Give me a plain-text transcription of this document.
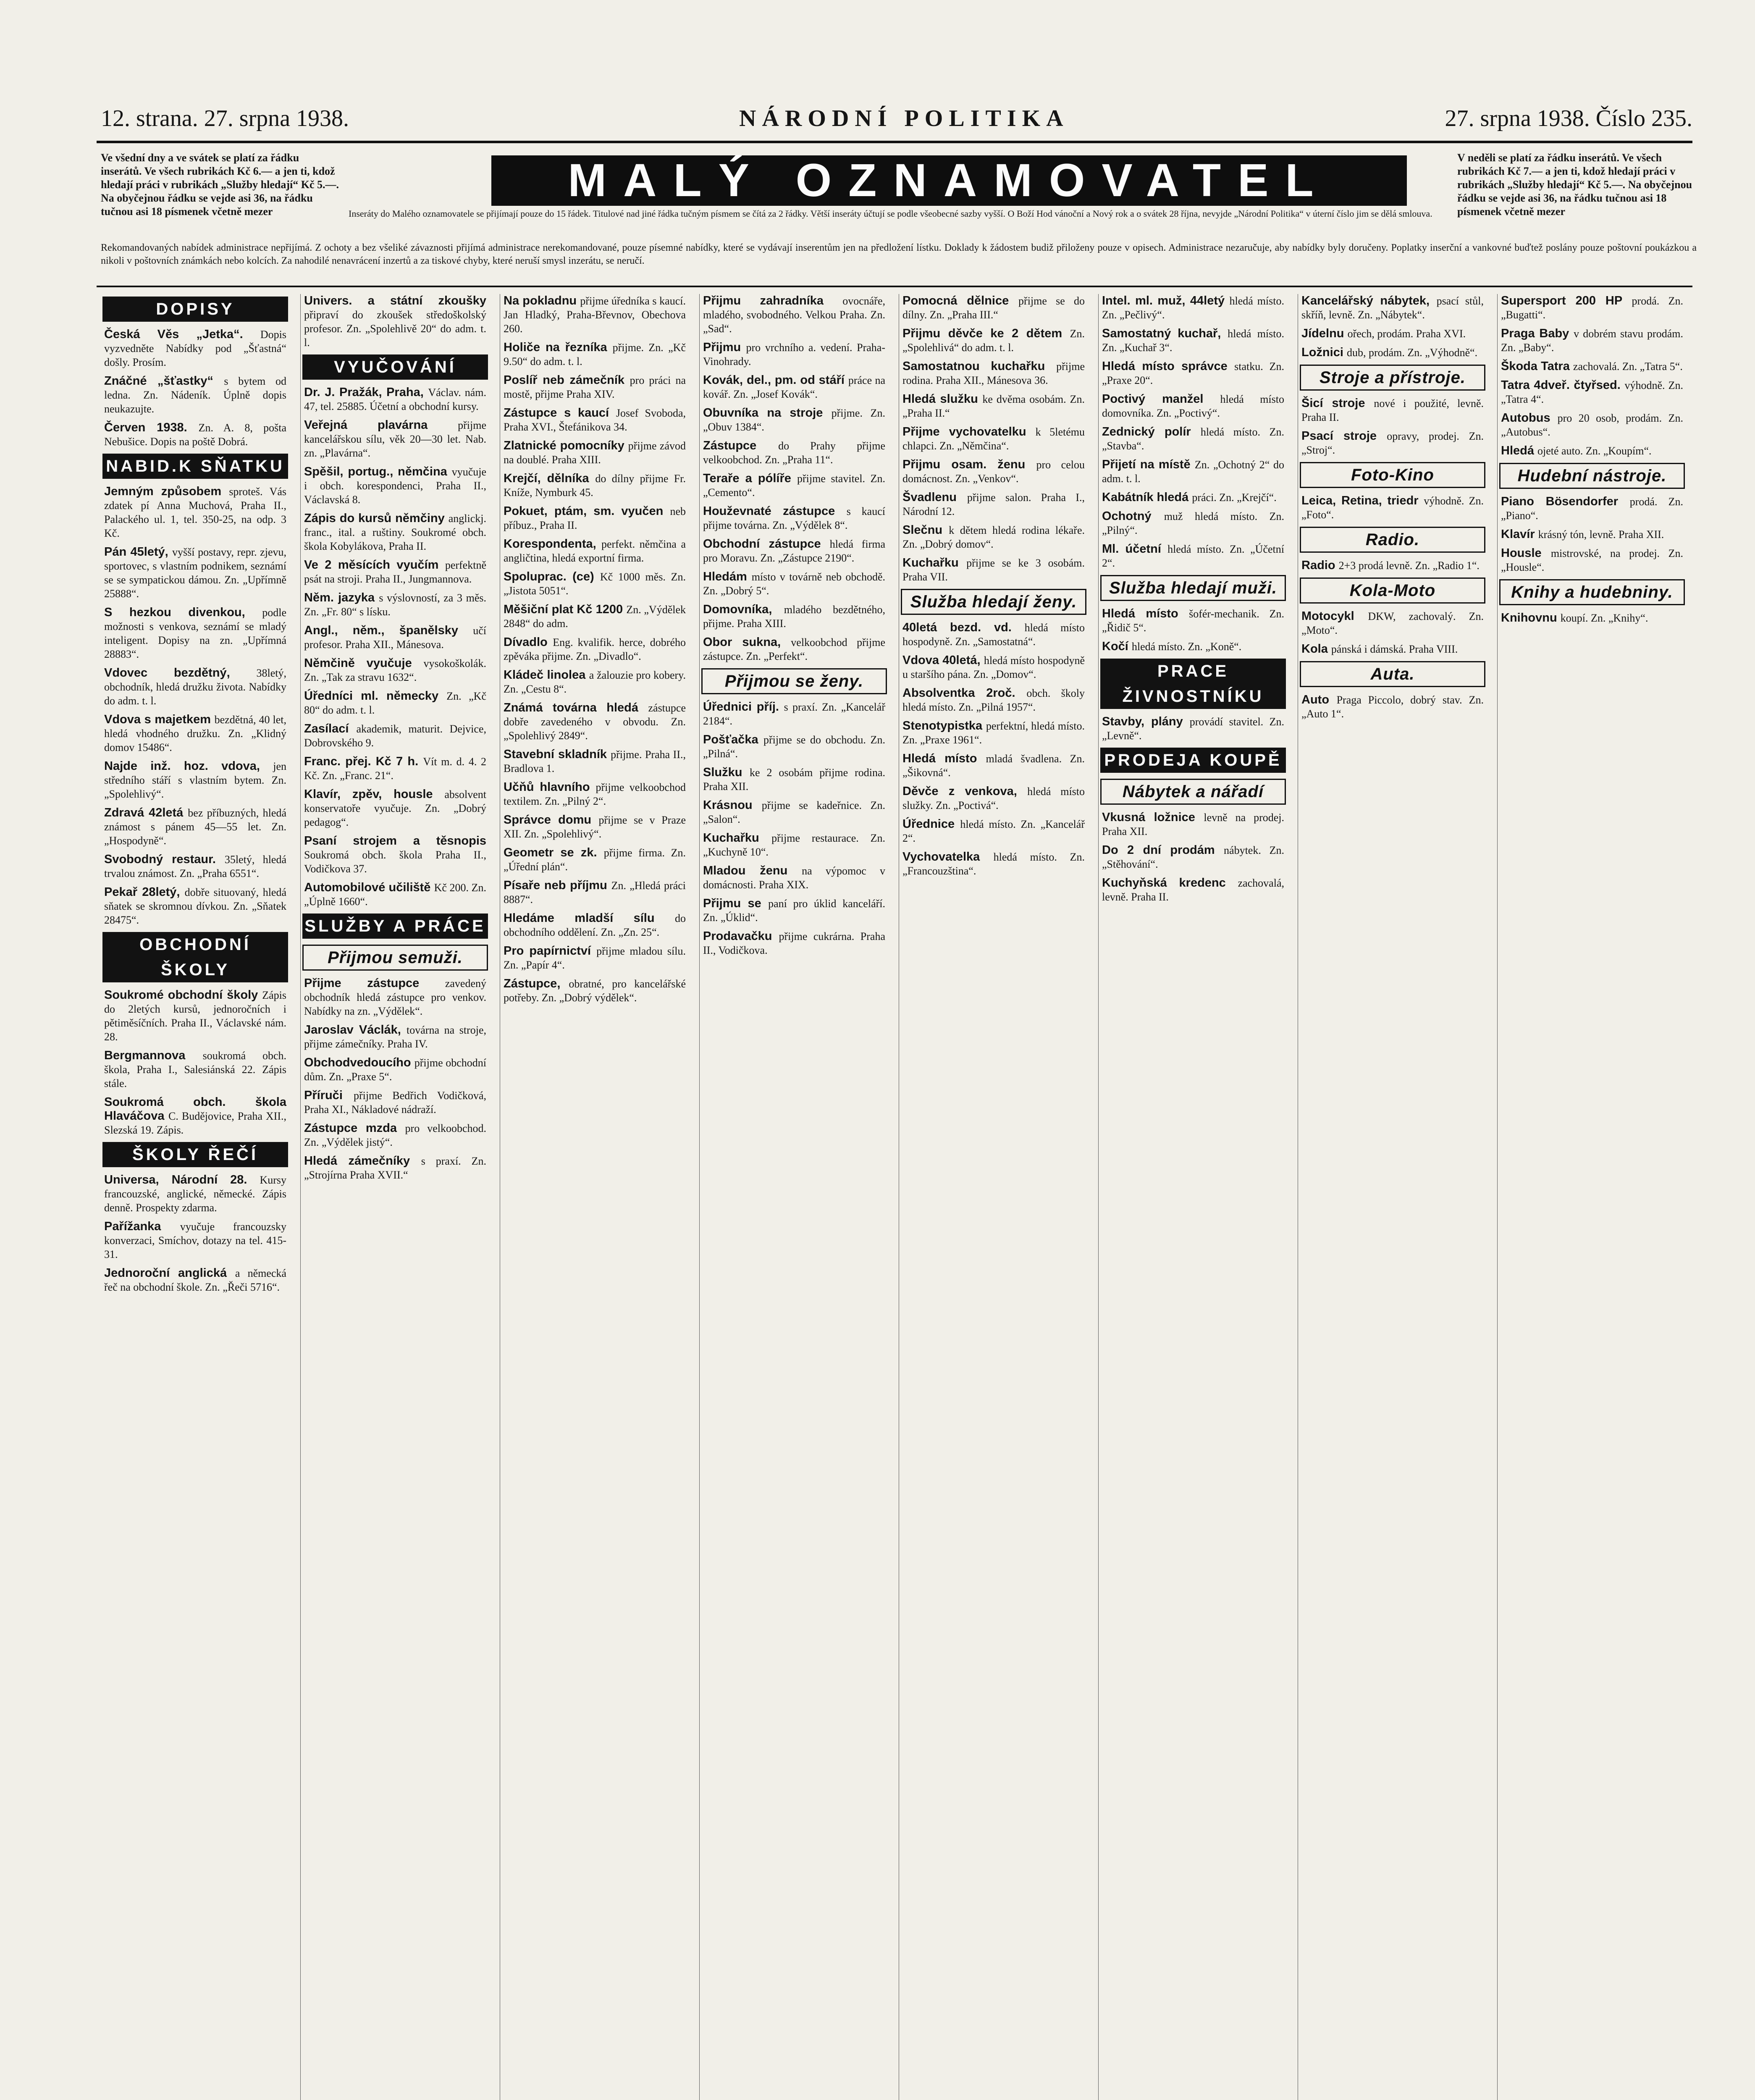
12. strana. 27. srpna 1938.	NÁRODNÍ POLITIKA	27. srpna 1938. Číslo 235.
Ve všední dny a ve svátek se platí za řádku inserátů. Ve všech rubrikách Kč 6.— a jen ti, kdož hledají práci v rubrikách „Služby hledají“ Kč 5.—. Na obyčejnou řádku se vejde asi 36, na řádku tučnou asi 18 písmenek včetně mezer
MALÝ OZNAMOVATEL
Inseráty do Malého oznamovatele se přijímají pouze do 15 řádek. Titulové nad jiné řádka tučným písmem se čítá za 2 řádky. Větší inseráty účtují se podle všeobecné sazby vyšší. O Boží Hod vánoční a Nový rok a o svátek 28 října, nevyjde „Národní Politika“ v úterní číslo jim se dělá smlouva.
V neděli se platí za řádku inserátů. Ve všech rubrikách Kč 7.— a jen ti, kdož hledají práci v rubrikách „Služby hledají“ Kč 5.—. Na obyčejnou řádku se vejde asi 36, na řádku tučnou asi 18 písmenek včetně mezer
Rekomandovaných nabídek administrace nepřijímá. Z ochoty a bez všeliké závaznosti přijímá administrace nerekomandované, pouze písemné nabídky, které se vydávají inserentům jen na předložení lístku. Doklady k žádostem budiž přiloženy pouze v opisech. Administrace nezaručuje, aby nabídky byly doručeny. Poplatky inserční a vankovné buďtež poslány pouze poštovní poukázkou a nikoli v poštovních známkách nebo kolcích. Za nahodilé nenavrácení inzertů a za tiskové chyby, které neruší smysl inzerátu, se neručí.
DOPISY

Česká Věs „Jetka“. Dopis vyzvedněte Nabídky pod „Šťastná“ došly. Prosím.

Znáčné „šťastky“ s bytem od ledna. Zn. Nádeník. Úplně dopis neukazujte.

Červen 1938. Zn. A. 8, pošta Nebušice. Dopis na poště Dobrá.

NABID.K SŇATKU

Jemným způsobem sproteš. Vás zdatek pí Anna Muchová, Praha II., Palackého ul. 1, tel. 350-25, na odp. 3 Kč.

Pán 45letý, vyšší postavy, repr. zjevu, sportovec, s vlastním podnikem, seznámí se se sympatickou dámou. Zn. „Upřímně 25888“.

S hezkou divenkou, podle možnosti s venkova, seznámí se mladý inteligent. Dopisy na zn. „Upřímná 28883“.

Vdovec bezdětný, 38letý, obchodník, hledá družku života. Nabídky do adm. t. l.

Vdova s majetkem bezdětná, 40 let, hledá vhodného družku. Zn. „Klidný domov 15486“.

Najde inž. hoz. vdova, jen středního stáří s vlastním bytem. Zn. „Spolehlivý“.

Zdravá 42letá bez příbuzných, hledá známost s pánem 45—55 let. Zn. „Hospodyně“.

Svobodný restaur. 35letý, hledá trvalou známost. Zn. „Praha 6551“.

Pekař 28letý, dobře situovaný, hledá sňatek se skromnou dívkou. Zn. „Sňatek 28475“.

OBCHODNÍ ŠKOLY

Soukromé obchodní školy Zápis do 2letých kursů, jednoročních i pětiměsíčních. Praha II., Václavské nám. 28.

Bergmannova soukromá obch. škola, Praha I., Salesiánská 22. Zápis stále.

Soukromá obch. škola Hlaváčova C. Budějovice, Praha XII., Slezská 19. Zápis.

ŠKOLY ŘEČÍ

Universa, Národní 28. Kursy francouzské, anglické, německé. Zápis denně. Prospekty zdarma.

Pařížanka vyučuje francouzsky konverzaci, Smíchov, dotazy na tel. 415-31.

Jednoroční anglická a německá řeč na obchodní škole. Zn. „Řeči 5716“.

Univers. a státní zkoušky připraví do zkoušek středoškolský profesor. Zn. „Spolehlivě 20“ do adm. t. l.

VYUČOVÁNÍ

Dr. J. Pražák, Praha, Václav. nám. 47, tel. 25885. Účetní a obchodní kursy.

Veřejná plavárna přijme kancelářskou sílu, věk 20—30 let. Nab. zn. „Plavárna“.

Spěšil, portug., němčina vyučuje i obch. korespondenci, Praha II., Václavská 8.

Zápis do kursů němčiny anglickj. franc., ital. a ruštiny. Soukromé obch. škola Kobylákova, Praha II.

Ve 2 měsících vyučím perfektně psát na stroji. Praha II., Jungmannova.

Něm. jazyka s výslovností, za 3 měs. Zn. „Fr. 80“ s lísku.

Angl., něm., španělsky učí profesor. Praha XII., Mánesova.

Němčině vyučuje vysokoškolák. Zn. „Tak za stravu 1632“.

Úředníci ml. německy Zn. „Kč 80“ do adm. t. l.

Zasílací akademik, maturit. Dejvice, Dobrovského 9.

Franc. přej. Kč 7 h. Vít m. d. 4. 2 Kč. Zn. „Franc. 21“.

Klavír, zpěv, housle absolvent konservatoře vyučuje. Zn. „Dobrý pedagog“.

Psaní strojem a těsnopis Soukromá obch. škola Praha II., Vodičkova 37.

Automobilové učiliště Kč 200. Zn. „Úplně 1660“.

SLUŽBY A PRÁCE
Přijmou semuži.

Přijme zástupce zavedený obchodník hledá zástupce pro venkov. Nabídky na zn. „Výdělek“.

Jaroslav Václák, továrna na stroje, přijme zámečníky. Praha IV.

Obchodvedoucího přijme obchodní dům. Zn. „Praxe 5“.

Příruči přijme Bedřich Vodičková, Praha XI., Nákladové nádraží.

Zástupce mzda pro velkoobchod. Zn. „Výdělek jistý“.

Hledá zámečníky s praxí. Zn. „Strojírna Praha XVII.“

Na pokladnu přijme úředníka s kaucí. Jan Hladký, Praha-Břevnov, Obechova 260.

Holiče na řezníka přijme. Zn. „Kč 9.50“ do adm. t. l.

Poslíř neb zámečník pro práci na mostě, přijme Praha XIV.

Zástupce s kaucí Josef Svoboda, Praha XVI., Štefánikova 34.

Zlatnické pomocníky přijme závod na doublé. Praha XIII.

Krejčí, dělníka do dílny přijme Fr. Kníže, Nymburk 45.

Pokuet, ptám, sm. vyučen neb příbuz., Praha II.

Korespondenta, perfekt. němčina a angličtina, hledá exportní firma.

Spoluprac. (ce) Kč 1000 měs. Zn. „Jistota 5051“.

Měšiční plat Kč 1200 Zn. „Výdělek 2848“ do adm.

Dívadlo Eng. kvalifik. herce, dobrého zpěváka přijme. Zn. „Divadlo“.

Kládeč linolea a žalouzie pro kobery. Zn. „Cestu 8“.

Známá továrna hledá zástupce dobře zavedeného v obvodu. Zn. „Spolehlivý 2849“.

Stavební skladník přijme. Praha II., Bradlova 1.

Učňů hlavního přijme velkoobchod textilem. Zn. „Pilný 2“.

Správce domu přijme se v Praze XII. Zn. „Spolehlivý“.

Geometr se zk. přijme firma. Zn. „Úřední plán“.

Písaře neb příjmu Zn. „Hledá práci 8887“.

Hledáme mladší sílu do obchodního oddělení. Zn. „Zn. 25“.

Pro papírnictví přijme mladou sílu. Zn. „Papír 4“.

Zástupce, obratné, pro kancelářské potřeby. Zn. „Dobrý výdělek“.

Přijmu zahradníka ovocnáře, mladého, svobodného. Velkou Praha. Zn. „Sad“.

Přijmu pro vrchního a. vedení. Praha-Vinohrady.

Kovák, del., pm. od stáří práce na kovář. Zn. „Josef Kovák“.

Obuvníka na stroje přijme. Zn. „Obuv 1384“.

Zástupce do Prahy přijme velkoobchod. Zn. „Praha 11“.

Teraře a pólíře přijme stavitel. Zn. „Cemento“.

Houževnaté zástupce s kaucí přijme továrna. Zn. „Výdělek 8“.

Obchodní zástupce hledá firma pro Moravu. Zn. „Zástupce 2190“.

Hledám místo v továrně neb obchodě. Zn. „Dobrý 5“.

Domovníka, mladého bezdětného, přijme. Praha XIII.

Obor sukna, velkoobchod přijme zástupce. Zn. „Perfekt“.

Přijmou se ženy.

Úřednici příj. s praxí. Zn. „Kancelář 2184“.

Pošťačka přijme se do obchodu. Zn. „Pilná“.

Služku ke 2 osobám přijme rodina. Praha XII.

Krásnou přijme se kadeřnice. Zn. „Salon“.

Kuchařku přijme restaurace. Zn. „Kuchyně 10“.

Mladou ženu na výpomoc v domácnosti. Praha XIX.

Přijmu se paní pro úklid kanceláří. Zn. „Úklid“.

Prodavačku přijme cukrárna. Praha II., Vodičkova.

Pomocná dělnice přijme se do dílny. Zn. „Praha III.“

Přijmu děvče ke 2 dětem Zn. „Spolehlivá“ do adm. t. l.

Samostatnou kuchařku přijme rodina. Praha XII., Mánesova 36.

Hledá služku ke dvěma osobám. Zn. „Praha II.“

Přijme vychovatelku k 5letému chlapci. Zn. „Němčina“.

Přijmu osam. ženu pro celou domácnost. Zn. „Venkov“.

Švadlenu přijme salon. Praha I., Národní 12.

Slečnu k dětem hledá rodina lékaře. Zn. „Dobrý domov“.

Kuchařku přijme se ke 3 osobám. Praha VII.

Služba hledají ženy.

40letá bezd. vd. hledá místo hospodyně. Zn. „Samostatná“.

Vdova 40letá, hledá místo hospodyně u staršího pána. Zn. „Domov“.

Absolventka 2roč. obch. školy hledá místo. Zn. „Pilná 1957“.

Stenotypistka perfektní, hledá místo. Zn. „Praxe 1961“.

Hledá místo mladá švadlena. Zn. „Šikovná“.

Děvče z venkova, hledá místo služky. Zn. „Poctivá“.

Úřednice hledá místo. Zn. „Kancelář 2“.

Vychovatelka hledá místo. Zn. „Francouzština“.

Intel. ml. muž, 44letý hledá místo. Zn. „Pečlivý“.

Samostatný kuchař, hledá místo. Zn. „Kuchař 3“.

Hledá místo správce statku. Zn. „Praxe 20“.

Poctivý manžel hledá místo domovníka. Zn. „Poctivý“.

Zednický polír hledá místo. Zn. „Stavba“.

Přijetí na místě Zn. „Ochotný 2“ do adm. t. l.

Kabátník hledá práci. Zn. „Krejčí“.

Ochotný muž hledá místo. Zn. „Pilný“.

Ml. účetní hledá místo. Zn. „Účetní 2“.

Služba hledají muži.

Hledá místo šofér-mechanik. Zn. „Řidič 5“.

Kočí hledá místo. Zn. „Koně“.

PRACE ŽIVNOSTNÍKU

Stavby, plány provádí stavitel. Zn. „Levně“.

PRODEJA KOUPĚ
Nábytek a nářadí

Vkusná ložnice levně na prodej. Praha XII.

Do 2 dní prodám nábytek. Zn. „Stěhování“.

Kuchyňská kredenc zachovalá, levně. Praha II.

Kancelářský nábytek, psací stůl, skříň, levně. Zn. „Nábytek“.

Jídelnu ořech, prodám. Praha XVI.

Ložnici dub, prodám. Zn. „Výhodně“.

Stroje a přístroje.

Šicí stroje nové i použité, levně. Praha II.

Psací stroje opravy, prodej. Zn. „Stroj“.

Foto-Kino

Leica, Retina, triedr výhodně. Zn. „Foto“.

Radio.

Radio 2+3 prodá levně. Zn. „Radio 1“.

Kola-Moto

Motocykl DKW, zachovalý. Zn. „Moto“.

Kola pánská i dámská. Praha VIII.

Auta.

Auto Praga Piccolo, dobrý stav. Zn. „Auto 1“.

Supersport 200 HP prodá. Zn. „Bugatti“.

Praga Baby v dobrém stavu prodám. Zn. „Baby“.

Škoda Tatra zachovalá. Zn. „Tatra 5“.

Tatra 4dveř. čtyřsed. výhodně. Zn. „Tatra 4“.

Autobus pro 20 osob, prodám. Zn. „Autobus“.

Hledá ojeté auto. Zn. „Koupím“.

Hudební nástroje.

Piano Bösendorfer prodá. Zn. „Piano“.

Klavír krásný tón, levně. Praha XII.

Housle mistrovské, na prodej. Zn. „Housle“.

Knihy a hudebniny.

Knihovnu koupí. Zn. „Knihy“.
